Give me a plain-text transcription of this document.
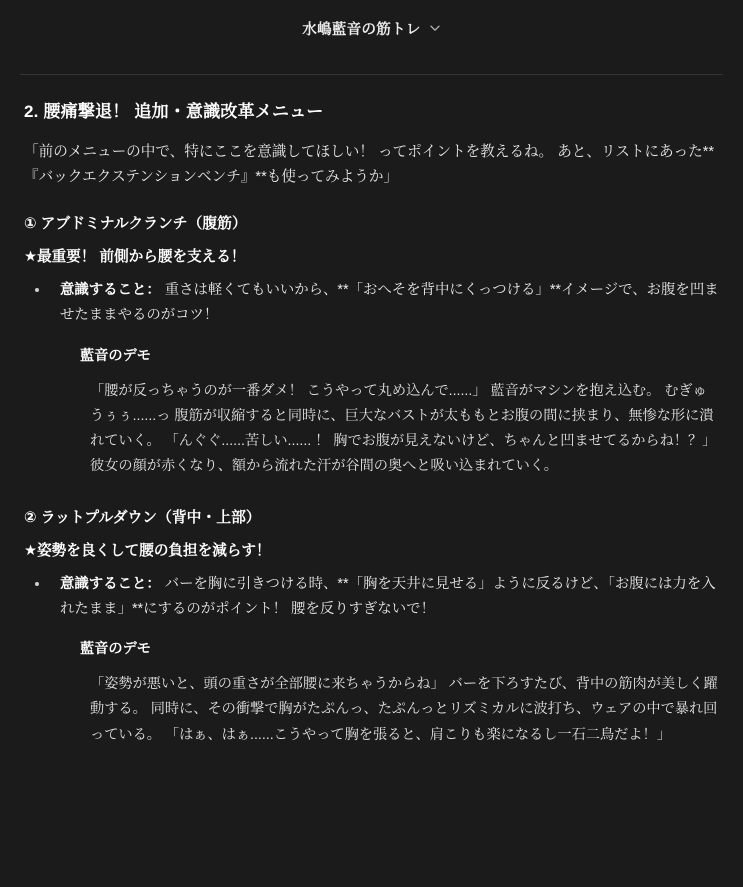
水嶋藍音の筋トレ
2. 腰痛撃退！ 追加・意識改革メニュー

「前のメニューの中で、特にここを意識してほしい！ ってポイントを教えるね。 あと、リストにあった**『バックエクステンションベンチ』**も使ってみようか」

① アブドミナルクランチ（腹筋）
★最重要！ 前側から腰を支える！
• 意識すること： 重さは軽くてもいいから、**「おへそを背中にくっつける」**イメージで、お腹を凹ませたままやるのがコツ！
藍音のデモ
「腰が反っちゃうのが一番ダメ！ こうやって丸め込んで......」 藍音がマシンを抱え込む。 むぎゅうぅぅ......っ 腹筋が収縮すると同時に、巨大なバストが太ももとお腹の間に挟まり、無惨な形に潰れていく。 「んぐぐ......苦しい...... ！ 胸でお腹が見えないけど、ちゃんと凹ませてるからね！？」 彼女の顔が赤くなり、額から流れた汗が谷間の奥へと吸い込まれていく。
② ラットプルダウン（背中・上部）
★姿勢を良くして腰の負担を減らす！
• 意識すること： バーを胸に引きつける時、**「胸を天井に見せる」ように反るけど、「お腹には力を入れたまま」**にするのがポイント！ 腰を反りすぎないで！
藍音のデモ
「姿勢が悪いと、頭の重さが全部腰に来ちゃうからね」 バーを下ろすたび、背中の筋肉が美しく躍動する。 同時に、その衝撃で胸がたぷんっ、たぷんっとリズミカルに波打ち、ウェアの中で暴れ回っている。 「はぁ、はぁ......こうやって胸を張ると、肩こりも楽になるし一石二鳥だよ！」
